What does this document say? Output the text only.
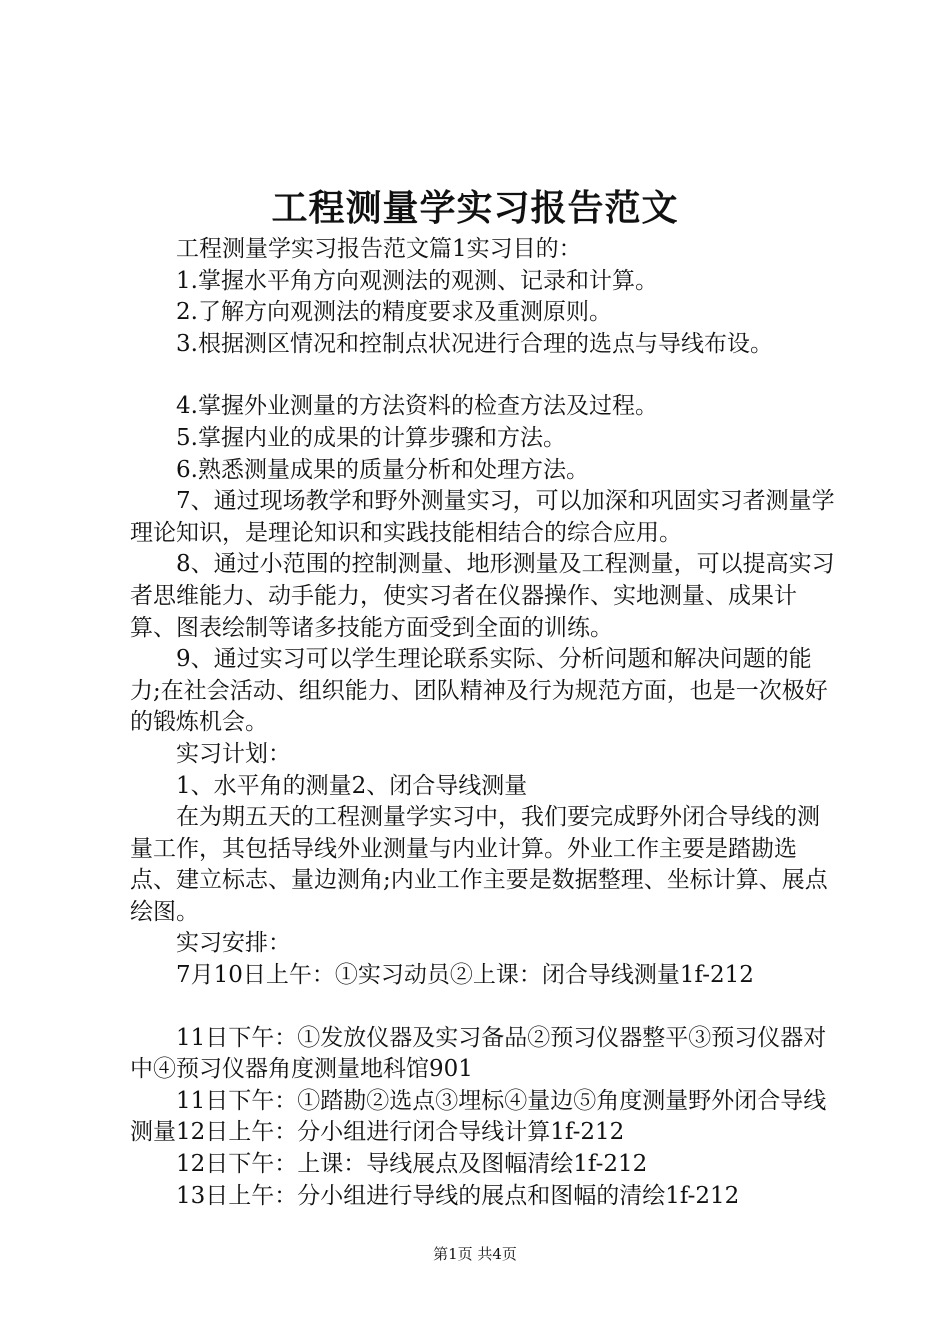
工程测量学实习报告范文

工程测量学实习报告范文篇1实习目的：

1.掌握水平角方向观测法的观测、记录和计算。

2.了解方向观测法的精度要求及重测原则。

3.根据测区情况和控制点状况进行合理的选点与导线布设。

4.掌握外业测量的方法资料的检查方法及过程。

5.掌握内业的成果的计算步骤和方法。

6.熟悉测量成果的质量分析和处理方法。

7、通过现场教学和野外测量实习，可以加深和巩固实习者测量学理论知识，是理论知识和实践技能相结合的综合应用。

8、通过小范围的控制测量、地形测量及工程测量，可以提高实习者思维能力、动手能力，使实习者在仪器操作、实地测量、成果计算、图表绘制等诸多技能方面受到全面的训练。

9、通过实习可以学生理论联系实际、分析问题和解决问题的能力;在社会活动、组织能力、团队精神及行为规范方面，也是一次极好的锻炼机会。

实习计划：

1、水平角的测量2、闭合导线测量

在为期五天的工程测量学实习中，我们要完成野外闭合导线的测量工作，其包括导线外业测量与内业计算。外业工作主要是踏勘选点、建立标志、量边测角;内业工作主要是数据整理、坐标计算、展点绘图。

实习安排：

7月10日上午：①实习动员②上课：闭合导线测量1f-212

11日下午：①发放仪器及实习备品②预习仪器整平③预习仪器对中④预习仪器角度测量地科馆901

11日下午：①踏勘②选点③埋标④量边⑤角度测量野外闭合导线测量12日上午：分小组进行闭合导线计算1f-212

12日下午：上课：导线展点及图幅清绘1f-212

13日上午：分小组进行导线的展点和图幅的清绘1f-212

第1页 共4页
